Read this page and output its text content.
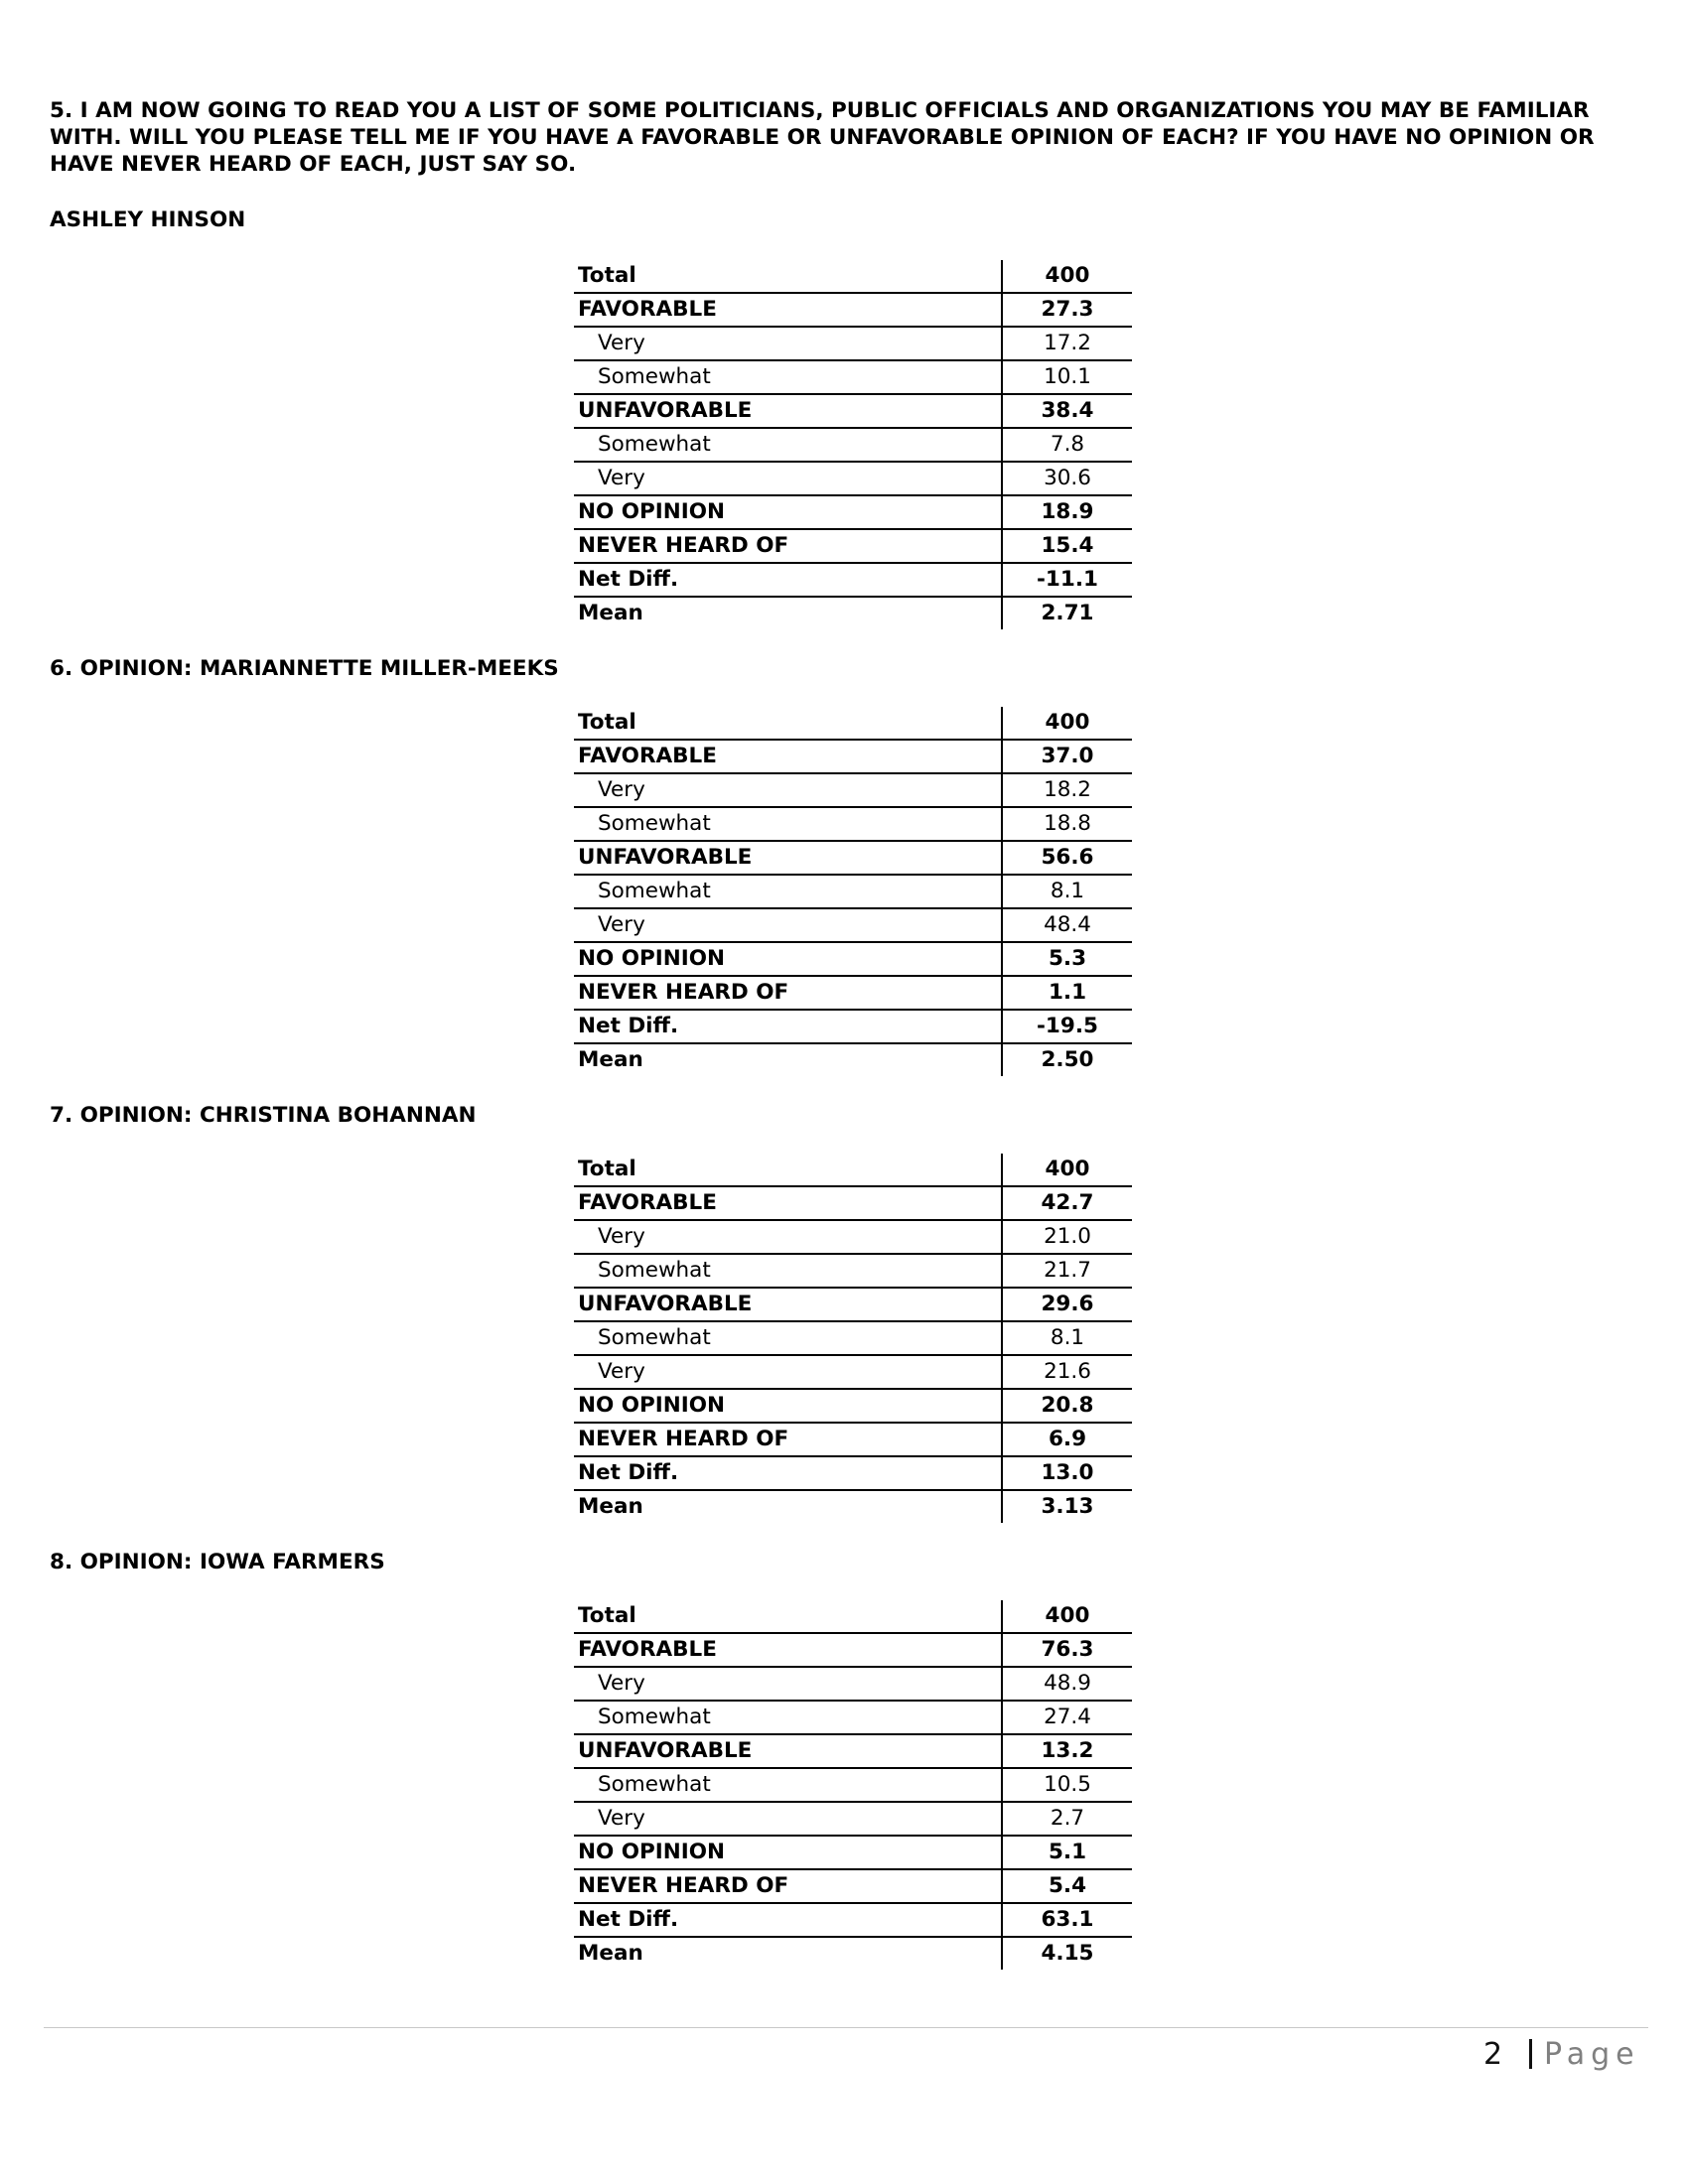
5. I AM NOW GOING TO READ YOU A LIST OF SOME POLITICIANS, PUBLIC OFFICIALS AND ORGANIZATIONS YOU MAY BE FAMILIAR WITH. WILL YOU PLEASE TELL ME IF YOU HAVE A FAVORABLE OR UNFAVORABLE OPINION OF EACH? IF YOU HAVE NO OPINION OR HAVE NEVER HEARD OF EACH, JUST SAY SO.

ASHLEY HINSON

Total	400
FAVORABLE	27.3
Very	17.2
Somewhat	10.1
UNFAVORABLE	38.4
Somewhat	7.8
Very	30.6
NO OPINION	18.9
NEVER HEARD OF	15.4
Net Diff.	-11.1
Mean	2.71

6. OPINION: MARIANNETTE MILLER-MEEKS

Total	400
FAVORABLE	37.0
Very	18.2
Somewhat	18.8
UNFAVORABLE	56.6
Somewhat	8.1
Very	48.4
NO OPINION	5.3
NEVER HEARD OF	1.1
Net Diff.	-19.5
Mean	2.50

7. OPINION: CHRISTINA BOHANNAN

Total	400
FAVORABLE	42.7
Very	21.0
Somewhat	21.7
UNFAVORABLE	29.6
Somewhat	8.1
Very	21.6
NO OPINION	20.8
NEVER HEARD OF	6.9
Net Diff.	13.0
Mean	3.13

8. OPINION: IOWA FARMERS

Total	400
FAVORABLE	76.3
Very	48.9
Somewhat	27.4
UNFAVORABLE	13.2
Somewhat	10.5
Very	2.7
NO OPINION	5.1
NEVER HEARD OF	5.4
Net Diff.	63.1
Mean	4.15
2 Page
